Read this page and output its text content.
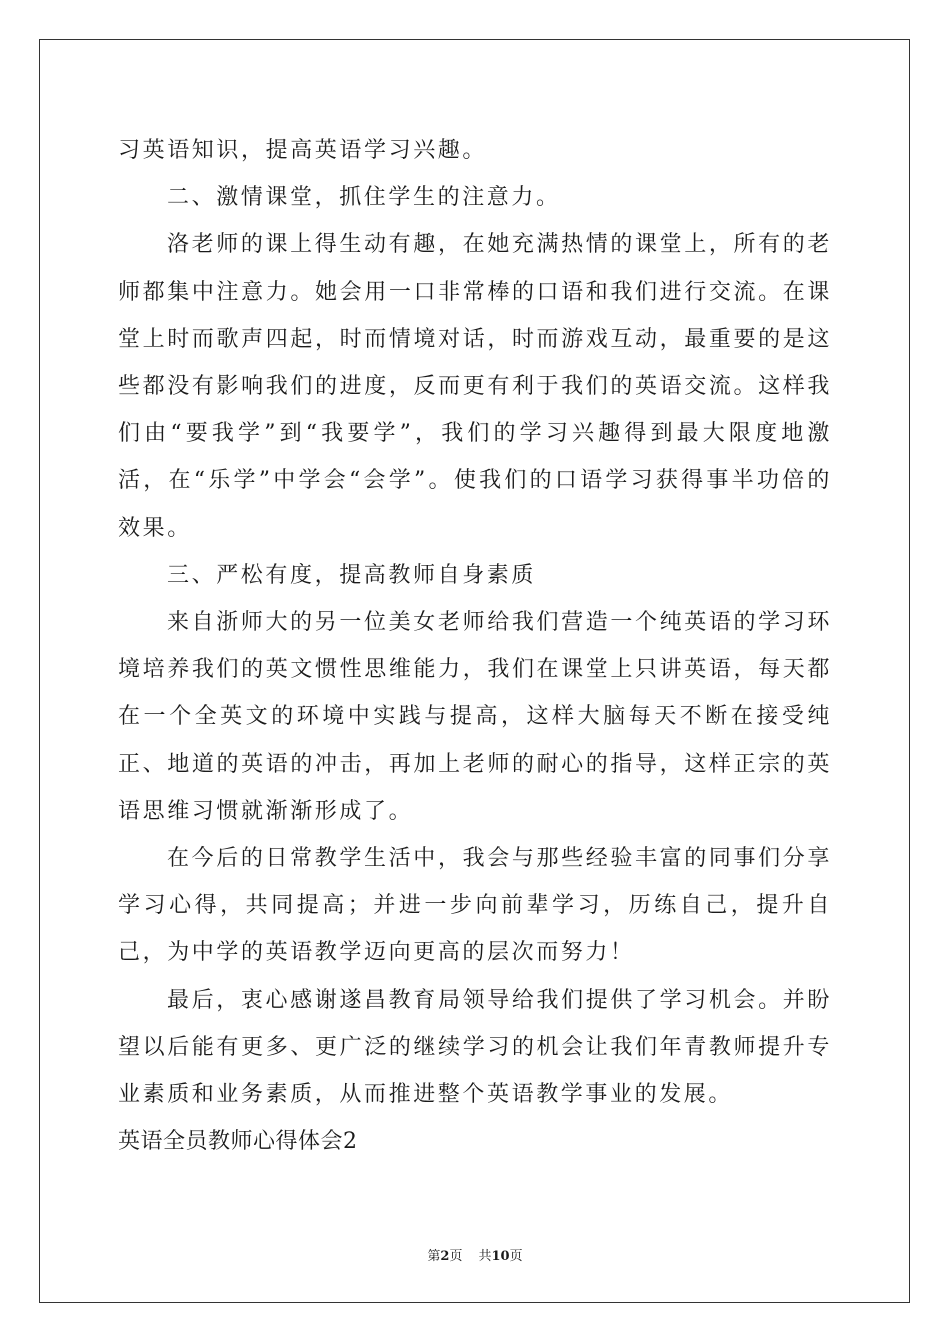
习英语知识，提高英语学习兴趣。

二、激情课堂，抓住学生的注意力。

洛老师的课上得生动有趣，在她充满热情的课堂上，所有的老师都集中注意力。她会用一口非常棒的口语和我们进行交流。在课堂上时而歌声四起，时而情境对话，时而游戏互动，最重要的是这些都没有影响我们的进度，反而更有利于我们的英语交流。这样我们由“要我学”到“我要学”，我们的学习兴趣得到最大限度地激活，在“乐学”中学会“会学”。使我们的口语学习获得事半功倍的效果。

三、严松有度，提高教师自身素质

来自浙师大的另一位美女老师给我们营造一个纯英语的学习环境培养我们的英文惯性思维能力，我们在课堂上只讲英语，每天都在一个全英文的环境中实践与提高，这样大脑每天不断在接受纯正、地道的英语的冲击，再加上老师的耐心的指导，这样正宗的英语思维习惯就渐渐形成了。

在今后的日常教学生活中，我会与那些经验丰富的同事们分享学习心得，共同提高；并进一步向前辈学习，历练自己，提升自己，为中学的英语教学迈向更高的层次而努力！

最后，衷心感谢遂昌教育局领导给我们提供了学习机会。并盼望以后能有更多、更广泛的继续学习的机会让我们年青教师提升专业素质和业务素质，从而推进整个英语教学事业的发展。

英语全员教师心得体会2

第2页 共10页
